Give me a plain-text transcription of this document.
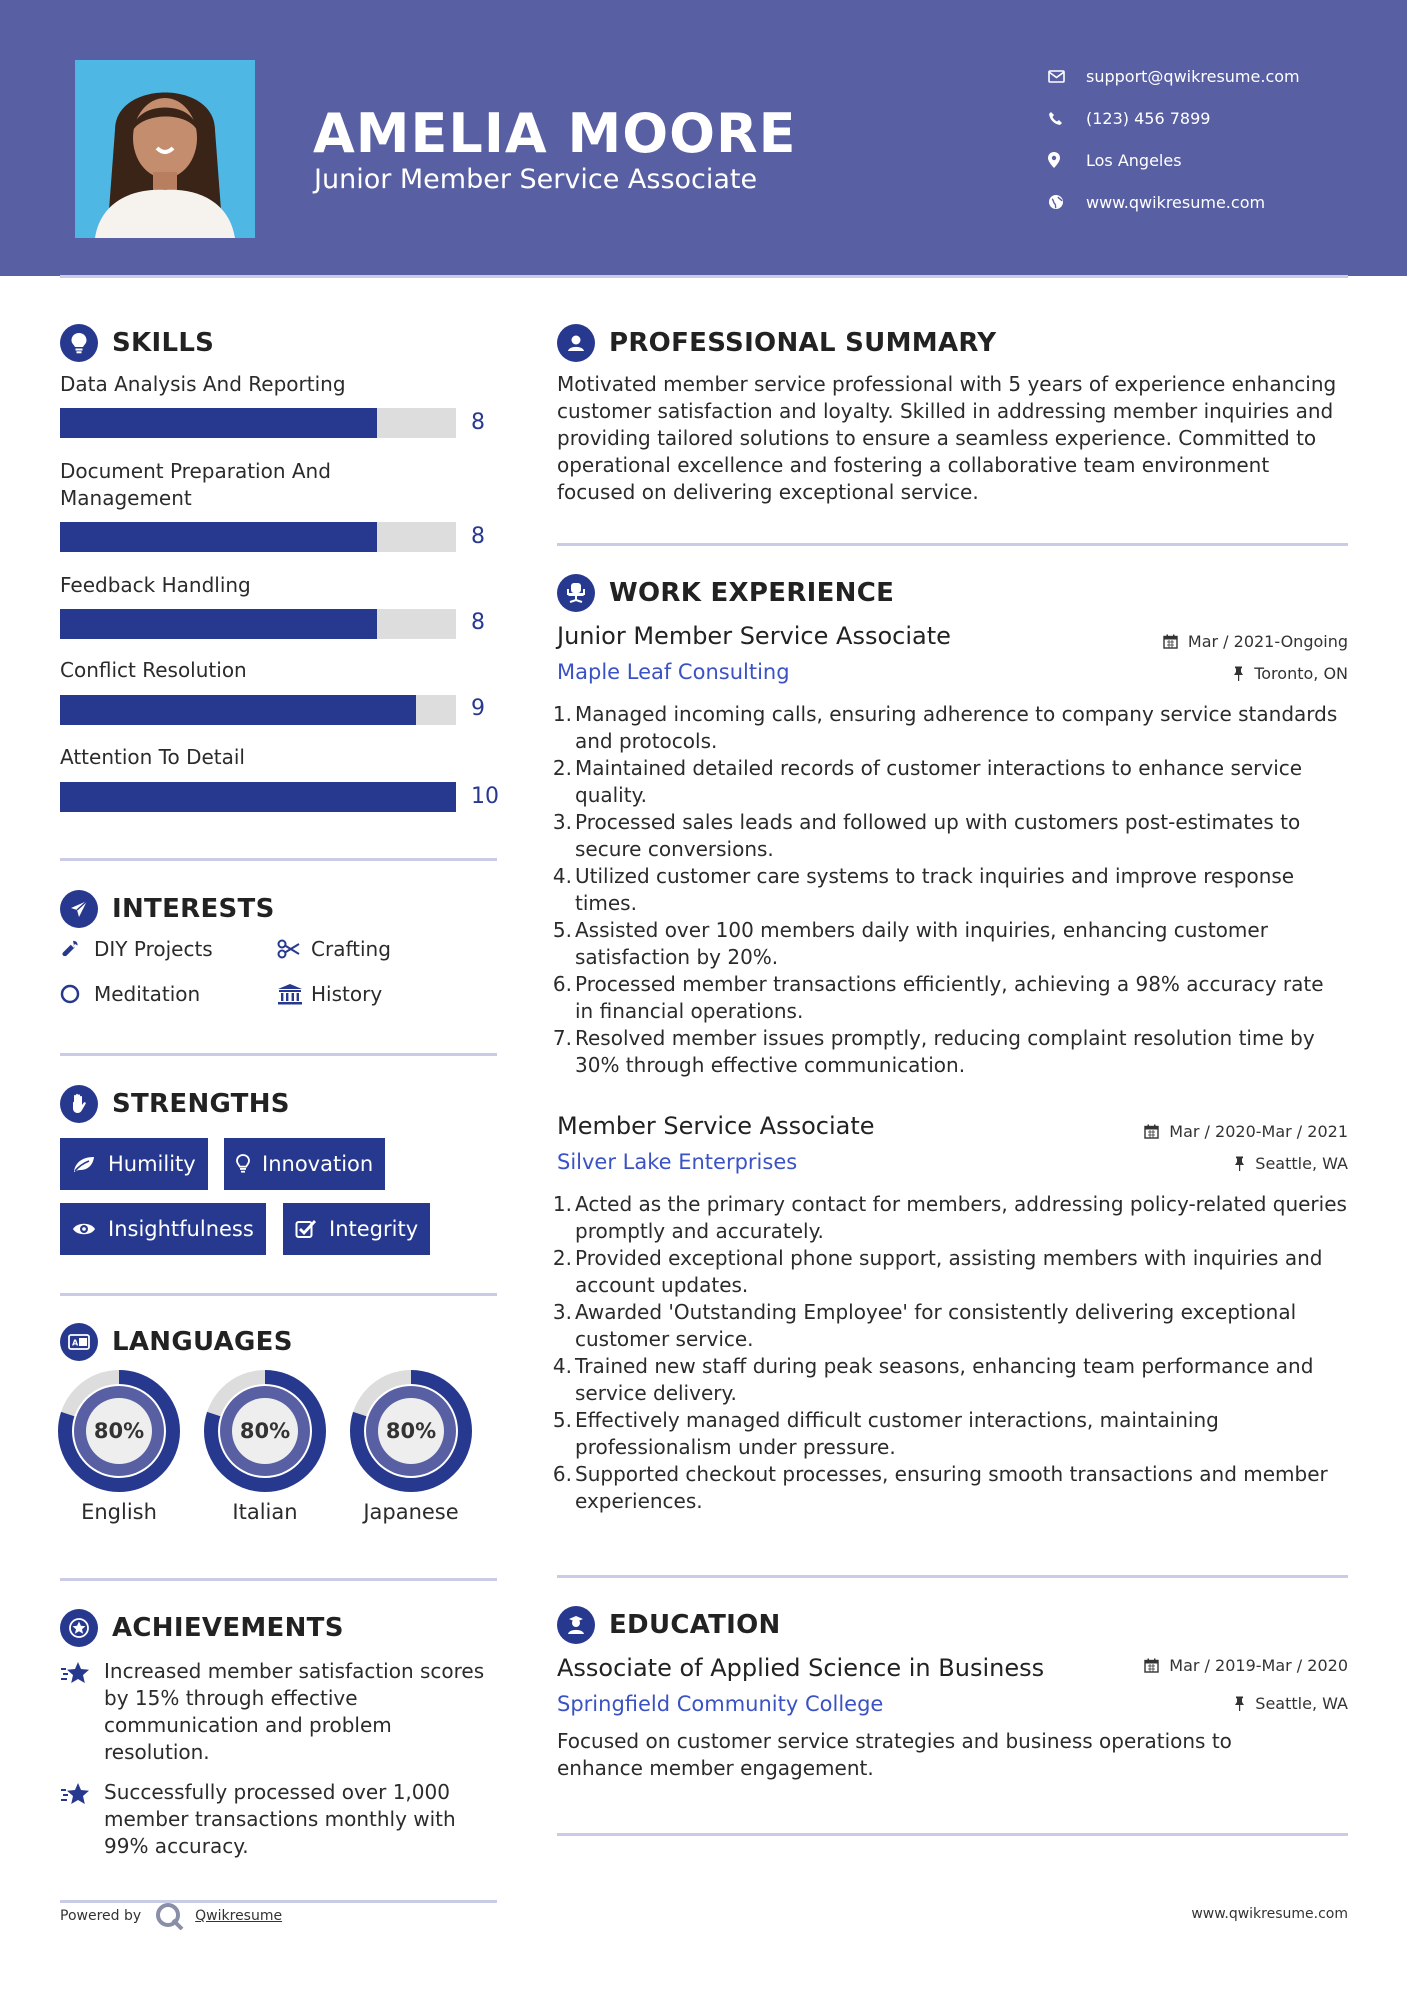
AMELIA MOORE
Junior Member Service Associate
support@qwikresume.com
(123) 456 7899
Los Angeles
www.qwikresume.com
SKILLS
Data Analysis And Reporting
8
Document Preparation And Management
8
Feedback Handling
8
Conflict Resolution
9
Attention To Detail
10
INTERESTS
DIY Projects	Crafting
Meditation	History
STRENGTHS
Humility	Innovation
Insightfulness	Integrity
A LANGUAGES
80%
English
80%
Italian
80%
Japanese
ACHIEVEMENTS
Increased member satisfaction scores by 15% through effective communication and problem resolution.
Successfully processed over 1,000 member transactions monthly with 99% accuracy.
PROFESSIONAL SUMMARY
Motivated member service professional with 5 years of experience enhancing customer satisfaction and loyalty. Skilled in addressing member inquiries and providing tailored solutions to ensure a seamless experience. Committed to operational excellence and fostering a collaborative team environment focused on delivering exceptional service.
WORK EXPERIENCE
Junior Member Service Associate	Mar / 2021-Ongoing
Maple Leaf Consulting	Toronto, ON
1. Managed incoming calls, ensuring adherence to company service standards and protocols.
2. Maintained detailed records of customer interactions to enhance service quality.
3. Processed sales leads and followed up with customers post-estimates to secure conversions.
4. Utilized customer care systems to track inquiries and improve response times.
5. Assisted over 100 members daily with inquiries, enhancing customer satisfaction by 20%.
6. Processed member transactions efficiently, achieving a 98% accuracy rate in financial operations.
7. Resolved member issues promptly, reducing complaint resolution time by 30% through effective communication.
Member Service Associate	Mar / 2020-Mar / 2021
Silver Lake Enterprises	Seattle, WA
1. Acted as the primary contact for members, addressing policy-related queries promptly and accurately.
2. Provided exceptional phone support, assisting members with inquiries and account updates.
3. Awarded 'Outstanding Employee' for consistently delivering exceptional customer service.
4. Trained new staff during peak seasons, enhancing team performance and service delivery.
5. Effectively managed difficult customer interactions, maintaining professionalism under pressure.
6. Supported checkout processes, ensuring smooth transactions and member experiences.
EDUCATION
Associate of Applied Science in Business	Mar / 2019-Mar / 2020
Springfield Community College	Seattle, WA
Focused on customer service strategies and business operations to enhance member engagement.
Powered by	Qwikresume	www.qwikresume.com
